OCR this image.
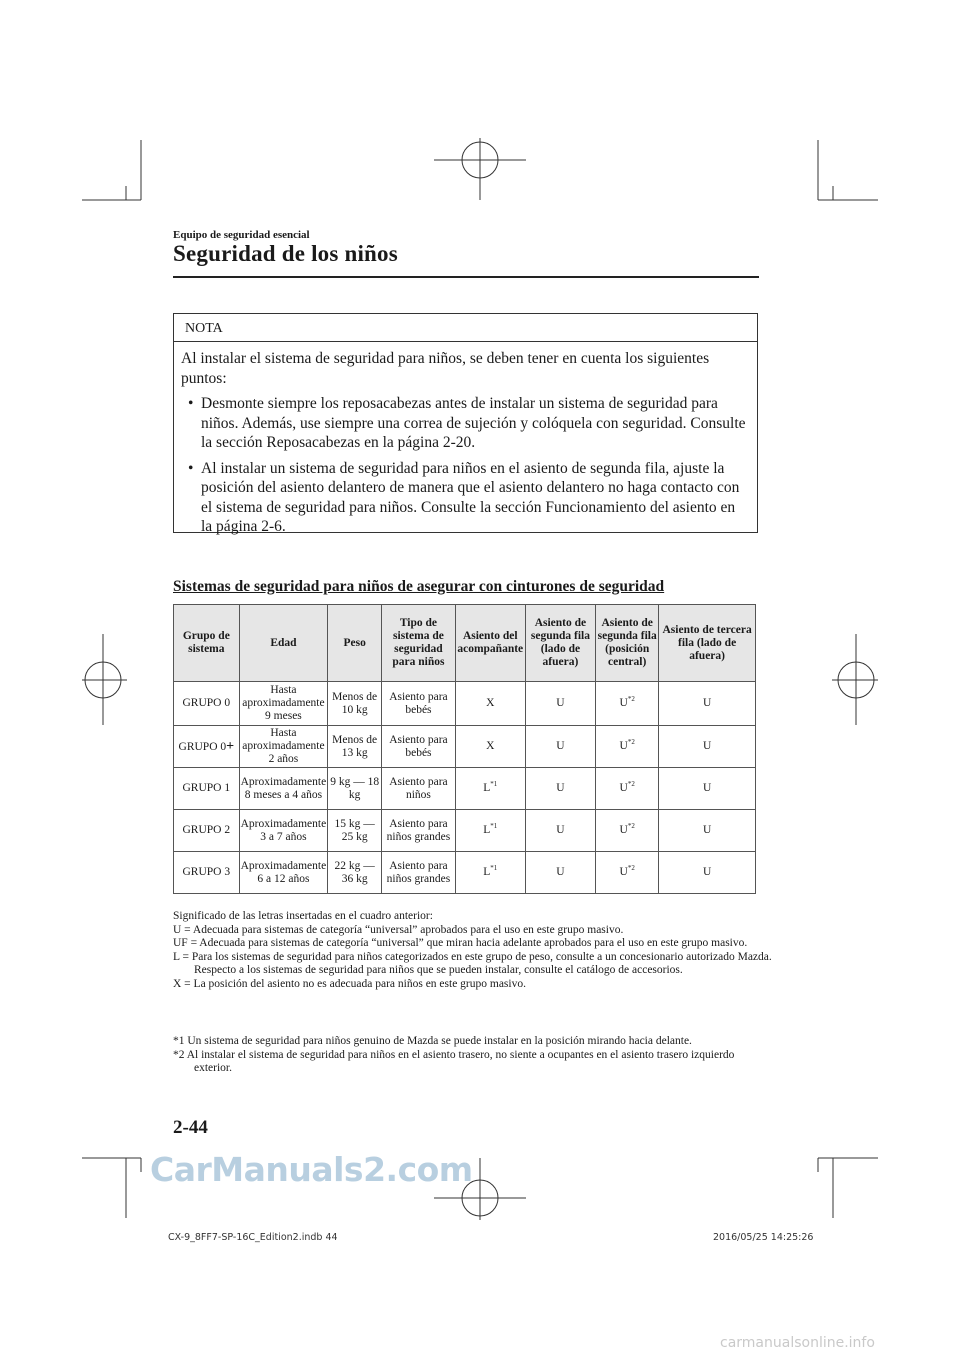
Equipo de seguridad esencial
Seguridad de los niños
NOTA

Al instalar el sistema de seguridad para niños, se deben tener en cuenta los siguientes puntos:

• Desmonte siempre los reposacabezas antes de instalar un sistema de seguridad para niños. Además, use siempre una correa de sujeción y colóquela con seguridad. Consulte la sección Reposacabezas en la página 2-20.

• Al instalar un sistema de seguridad para niños en el asiento de segunda fila, ajuste la posición del asiento delantero de manera que el asiento delantero no haga contacto con el sistema de seguridad para niños. Consulte la sección Funcionamiento del asiento en la página 2-6.

Sistemas de seguridad para niños de asegurar con cinturones de seguridad
Grupo de sistema	Edad	Peso	Tipo de sistema de seguridad para niños	Asiento del acompañante	Asiento de segunda fila (lado de afuera)	Asiento de segunda fila (posición central)	Asiento de tercera fila (lado de afuera)
GRUPO 0	Hasta aproximadamente 9 meses	Menos de 10 kg	Asiento para bebés	X	U	$U^{*2}$	U
GRUPO 0+	Hasta aproximadamente 2 años	Menos de 13 kg	Asiento para bebés	X	U	$U^{*2}$	U
GRUPO 1	Aproximadamente 8 meses a 4 años	9 kg — 18 kg	Asiento para niños	$L^{*1}$	U	$U^{*2}$	U
GRUPO 2	Aproximadamente 3 a 7 años	15 kg — 25 kg	Asiento para niños grandes	$L^{*1}$	U	$U^{*2}$	U
GRUPO 3	Aproximadamente 6 a 12 años	22 kg — 36 kg	Asiento para niños grandes	$L^{*1}$	U	$U^{*2}$	U

Significado de las letras insertadas en el cuadro anterior:

U = Adecuada para sistemas de categoría “universal” aprobados para el uso en este grupo masivo.

UF = Adecuada para sistemas de categoría “universal” que miran hacia adelante aprobados para el uso en este grupo masivo.

L = Para los sistemas de seguridad para niños categorizados en este grupo de peso, consulte a un concesionario autorizado Mazda. Respecto a los sistemas de seguridad para niños que se pueden instalar, consulte el catálogo de accesorios.

X = La posición del asiento no es adecuada para niños en este grupo masivo.

*1 Un sistema de seguridad para niños genuino de Mazda se puede instalar en la posición mirando hacia delante.

*2 Al instalar el sistema de seguridad para niños en el asiento trasero, no siente a ocupantes en el asiento trasero izquierdo exterior.

2-44
CarManuals2.com
CX-9_8FF7-SP-16C_Edition2.indb 44	2016/05/25 14:25:26
carmanualsonline.info
